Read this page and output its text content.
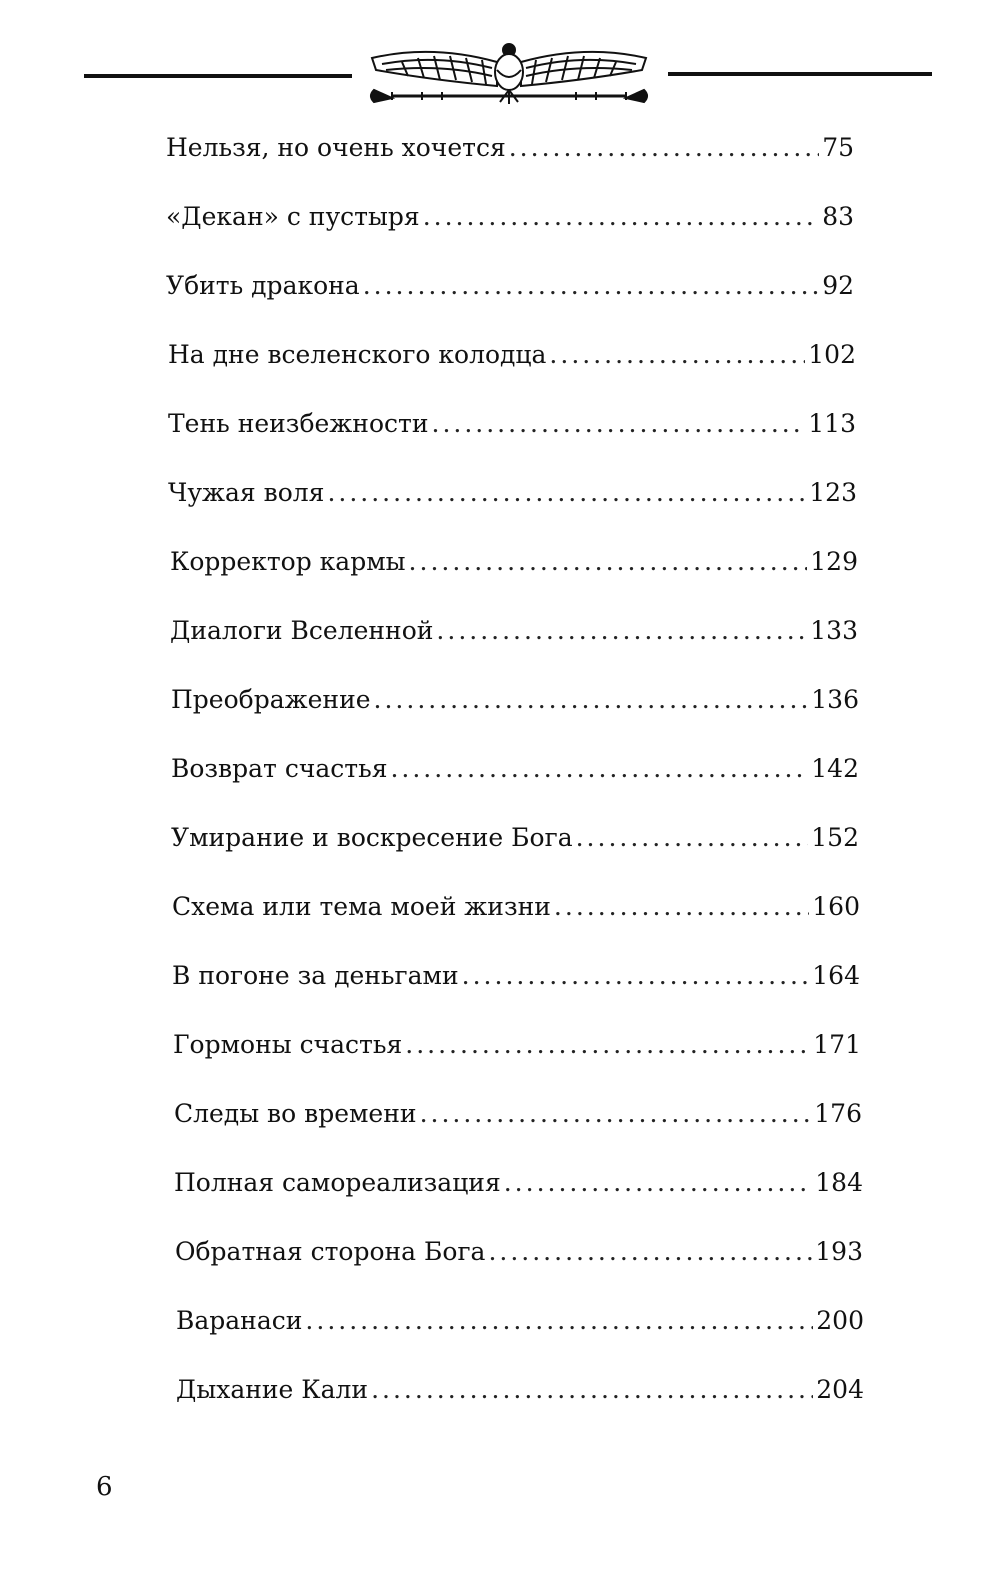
Нельзя, но очень хочется .....	75
«Декан» с пустыря .....	83
Убить дракона .....	92
На дне вселенского колодца .....	102
Тень неизбежности .....	113
Чужая воля .....	123
Корректор кармы .....	129
Диалоги Вселенной .....	133
Преображение .....	136
Возврат счастья .....	142
Умирание и воскресение Бога .....	152
Схема или тема моей жизни .....	160
В погоне за деньгами .....	164
Гормоны счастья .....	171
Следы во времени .....	176
Полная самореализация .....	184
Обратная сторона Бога .....	193
Варанаси .....	200
Дыхание Кали .....	204
6
